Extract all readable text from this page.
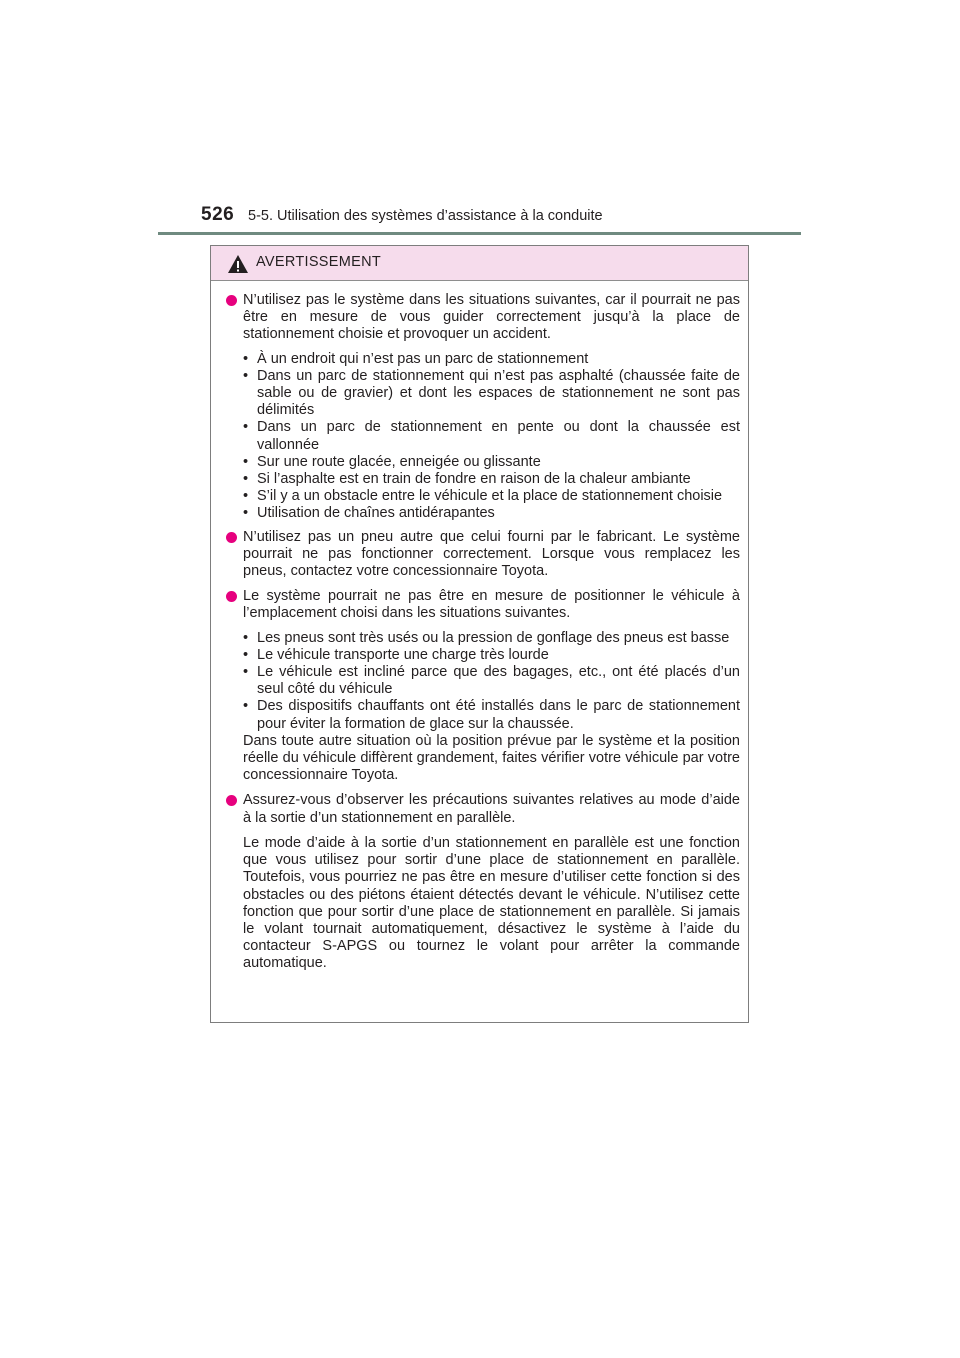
526 5-5. Utilisation des systèmes d’assistance à la conduite
AVERTISSEMENT

N’utilisez pas le système dans les situations suivantes, car il pourrait ne pas être en mesure de vous guider correctement jusqu’à la place de stationnement choisie et provoquer un accident.

• À un endroit qui n’est pas un parc de stationnement
• Dans un parc de stationnement qui n’est pas asphalté (chaussée faite de sable ou de gravier) et dont les espaces de stationnement ne sont pas délimités
• Dans un parc de stationnement en pente ou dont la chaussée est vallonnée
• Sur une route glacée, enneigée ou glissante
• Si l’asphalte est en train de fondre en raison de la chaleur ambiante
• S’il y a un obstacle entre le véhicule et la place de stationnement choisie
• Utilisation de chaînes antidérapantes

N’utilisez pas un pneu autre que celui fourni par le fabricant. Le système pourrait ne pas fonctionner correctement. Lorsque vous remplacez les pneus, contactez votre concessionnaire Toyota.

Le système pourrait ne pas être en mesure de positionner le véhicule à l’emplacement choisi dans les situations suivantes.

• Les pneus sont très usés ou la pression de gonflage des pneus est basse
• Le véhicule transporte une charge très lourde
• Le véhicule est incliné parce que des bagages, etc., ont été placés d’un seul côté du véhicule
• Des dispositifs chauffants ont été installés dans le parc de stationnement pour éviter la formation de glace sur la chaussée.
Dans toute autre situation où la position prévue par le système et la position réelle du véhicule diffèrent grandement, faites vérifier votre véhicule par votre concessionnaire Toyota.

Assurez-vous d’observer les précautions suivantes relatives au mode d’aide à la sortie d’un stationnement en parallèle.

Le mode d’aide à la sortie d’un stationnement en parallèle est une fonction que vous utilisez pour sortir d’une place de stationnement en parallèle. Toutefois, vous pourriez ne pas être en mesure d’utiliser cette fonction si des obstacles ou des piétons étaient détectés devant le véhicule. N’utilisez cette fonction que pour sortir d’une place de stationnement en parallèle. Si jamais le volant tournait automatiquement, désactivez le système à l’aide du contacteur S-APGS ou tournez le volant pour arrêter la commande automatique.
